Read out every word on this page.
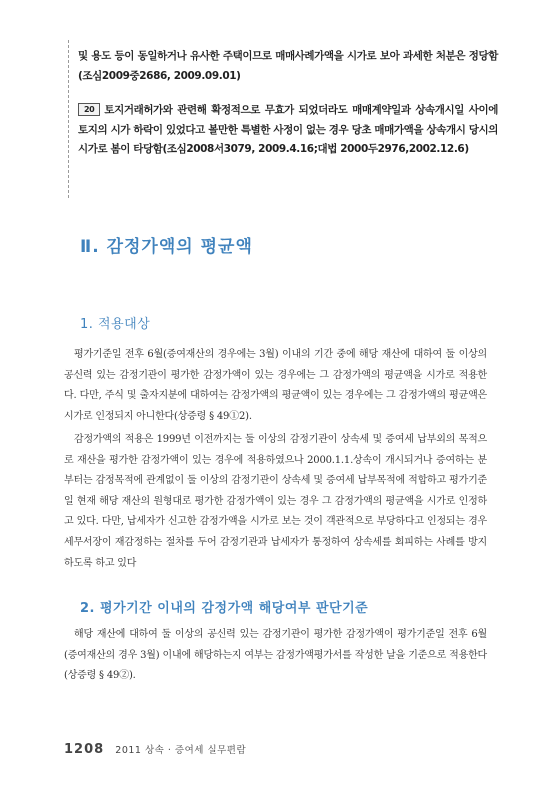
및 용도 등이 동일하거나 유사한 주택이므로 매매사례가액을 시가로 보아 과세한 처분은 정당함(조심2009중2686, 2009.09.01)
20 토지거래허가와 관련해 확정적으로 무효가 되었더라도 매매계약일과 상속개시일 사이에 토지의 시가 하락이 있었다고 볼만한 특별한 사정이 없는 경우 당초 매매가액을 상속개시 당시의 시가로 봄이 타당함(조심2008서3079, 2009.4.16;대법 2000두2976,2002.12.6)
Ⅱ. 감정가액의 평균액
1. 적용대상

평가기준일 전후 6월(증여재산의 경우에는 3월) 이내의 기간 중에 해당 재산에 대하여 둘 이상의 공신력 있는 감정기관이 평가한 감정가액이 있는 경우에는 그 감정가액의 평균액을 시가로 적용한다. 다만, 주식 및 출자지분에 대하여는 감정가액의 평균액이 있는 경우에는 그 감정가액의 평균액은 시가로 인정되지 아니한다(상증령 § 49①2).

감정가액의 적용은 1999년 이전까지는 둘 이상의 감정기관이 상속세 및 증여세 납부외의 목적으로 재산을 평가한 감정가액이 있는 경우에 적용하였으나 2000.1.1.상속이 개시되거나 증여하는 분부터는 감정목적에 관계없이 둘 이상의 감정기관이 상속세 및 증여세 납부목적에 적합하고 평가기준일 현재 해당 재산의 원형대로 평가한 감정가액이 있는 경우 그 감정가액의 평균액을 시가로 인정하고 있다. 다만, 납세자가 신고한 감정가액을 시가로 보는 것이 객관적으로 부당하다고 인정되는 경우 세무서장이 재감정하는 절차를 두어 감정기관과 납세자가 통정하여 상속세를 회피하는 사례를 방지하도록 하고 있다

2. 평가기간 이내의 감정가액 해당여부 판단기준

해당 재산에 대하여 둘 이상의 공신력 있는 감정기관이 평가한 감정가액이 평가기준일 전후 6월(증여재산의 경우 3월) 이내에 해당하는지 여부는 감정가액평가서를 작성한 날을 기준으로 적용한다(상증령 § 49②).

1208 2011 상속 · 증여세 실무편람
